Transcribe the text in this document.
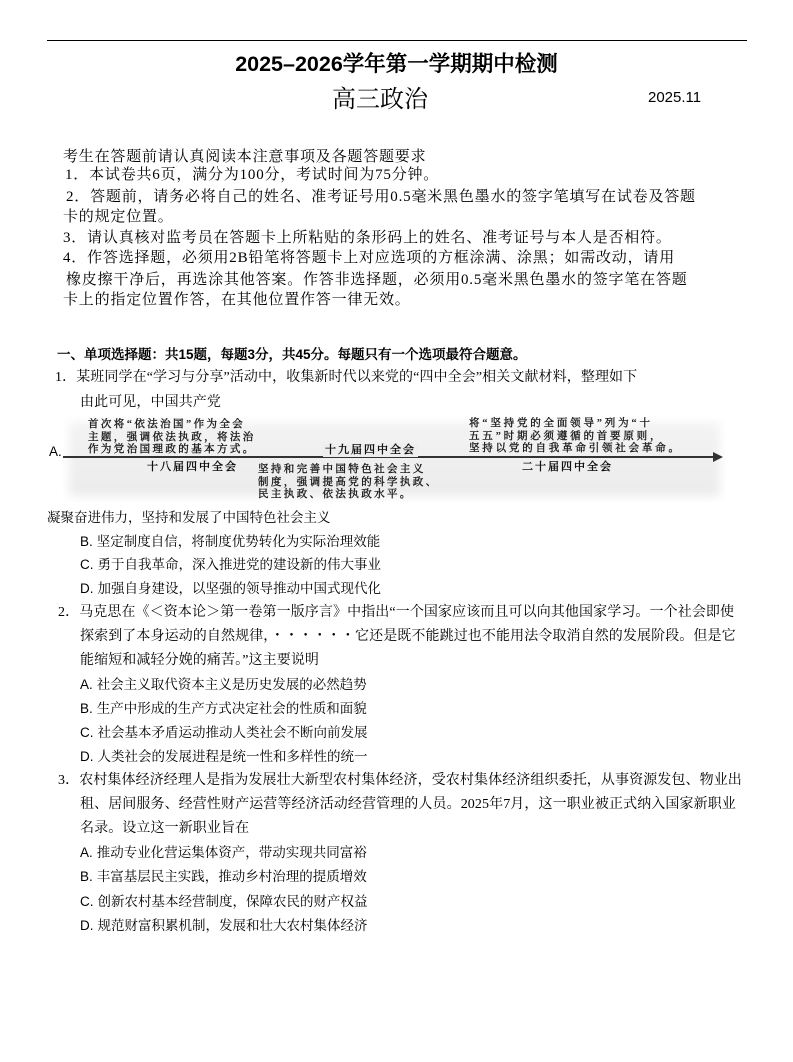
2025–2026学年第一学期期中检测
高三政治	2025.11
考生在答题前请认真阅读本注意事项及各题答题要求
1．本试卷共6页，满分为100分，考试时间为75分钟。
2．答题前，请务必将自己的姓名、准考证号用0.5毫米黑色墨水的签字笔填写在试卷及答题
卡的规定位置。
3．请认真核对监考员在答题卡上所粘贴的条形码上的姓名、准考证号与本人是否相符。
4．作答选择题，必须用2B铅笔将答题卡上对应选项的方框涂满、涂黑；如需改动，请用
橡皮擦干净后，再选涂其他答案。作答非选择题，必须用0.5毫米黑色墨水的签字笔在答题
卡上的指定位置作答，在其他位置作答一律无效。
一、单项选择题：共15题，每题3分，共45分。每题只有一个选项最符合题意。
1．某班同学在“学习与分享”活动中，收集新时代以来党的“四中全会”相关文献材料，整理如下
由此可见，中国共产党
A.
首次将“依法治国”作为全会
主题，强调依法执政，将法治
作为党治国理政的基本方式。
十八届四中全会
十九届四中全会
坚持和完善中国特色社会主义
制度，强调提高党的科学执政、
民主执政、依法执政水平。
将“坚持党的全面领导”列为“十
五五”时期必须遵循的首要原则，
坚持以党的自我革命引领社会革命。
二十届四中全会
凝聚奋进伟力，坚持和发展了中国特色社会主义
B. 坚定制度自信，将制度优势转化为实际治理效能
C. 勇于自我革命，深入推进党的建设新的伟大事业
D. 加强自身建设，以坚强的领导推动中国式现代化
2．马克思在《＜资本论＞第一卷第一版序言》中指出“一个国家应该而且可以向其他国家学习。一个社会即使
探索到了本身运动的自然规律，・・・・・・它还是既不能跳过也不能用法令取消自然的发展阶段。但是它
能缩短和减轻分娩的痛苦。”这主要说明
A. 社会主义取代资本主义是历史发展的必然趋势
B. 生产中形成的生产方式决定社会的性质和面貌
C. 社会基本矛盾运动推动人类社会不断向前发展
D. 人类社会的发展进程是统一性和多样性的统一
3．农村集体经济经理人是指为发展壮大新型农村集体经济，受农村集体经济组织委托，从事资源发包、物业出
租、居间服务、经营性财产运营等经济活动经营管理的人员。2025年7月，这一职业被正式纳入国家新职业
名录。设立这一新职业旨在
A. 推动专业化营运集体资产，带动实现共同富裕
B. 丰富基层民主实践，推动乡村治理的提质增效
C. 创新农村基本经营制度，保障农民的财产权益
D. 规范财富积累机制，发展和壮大农村集体经济
